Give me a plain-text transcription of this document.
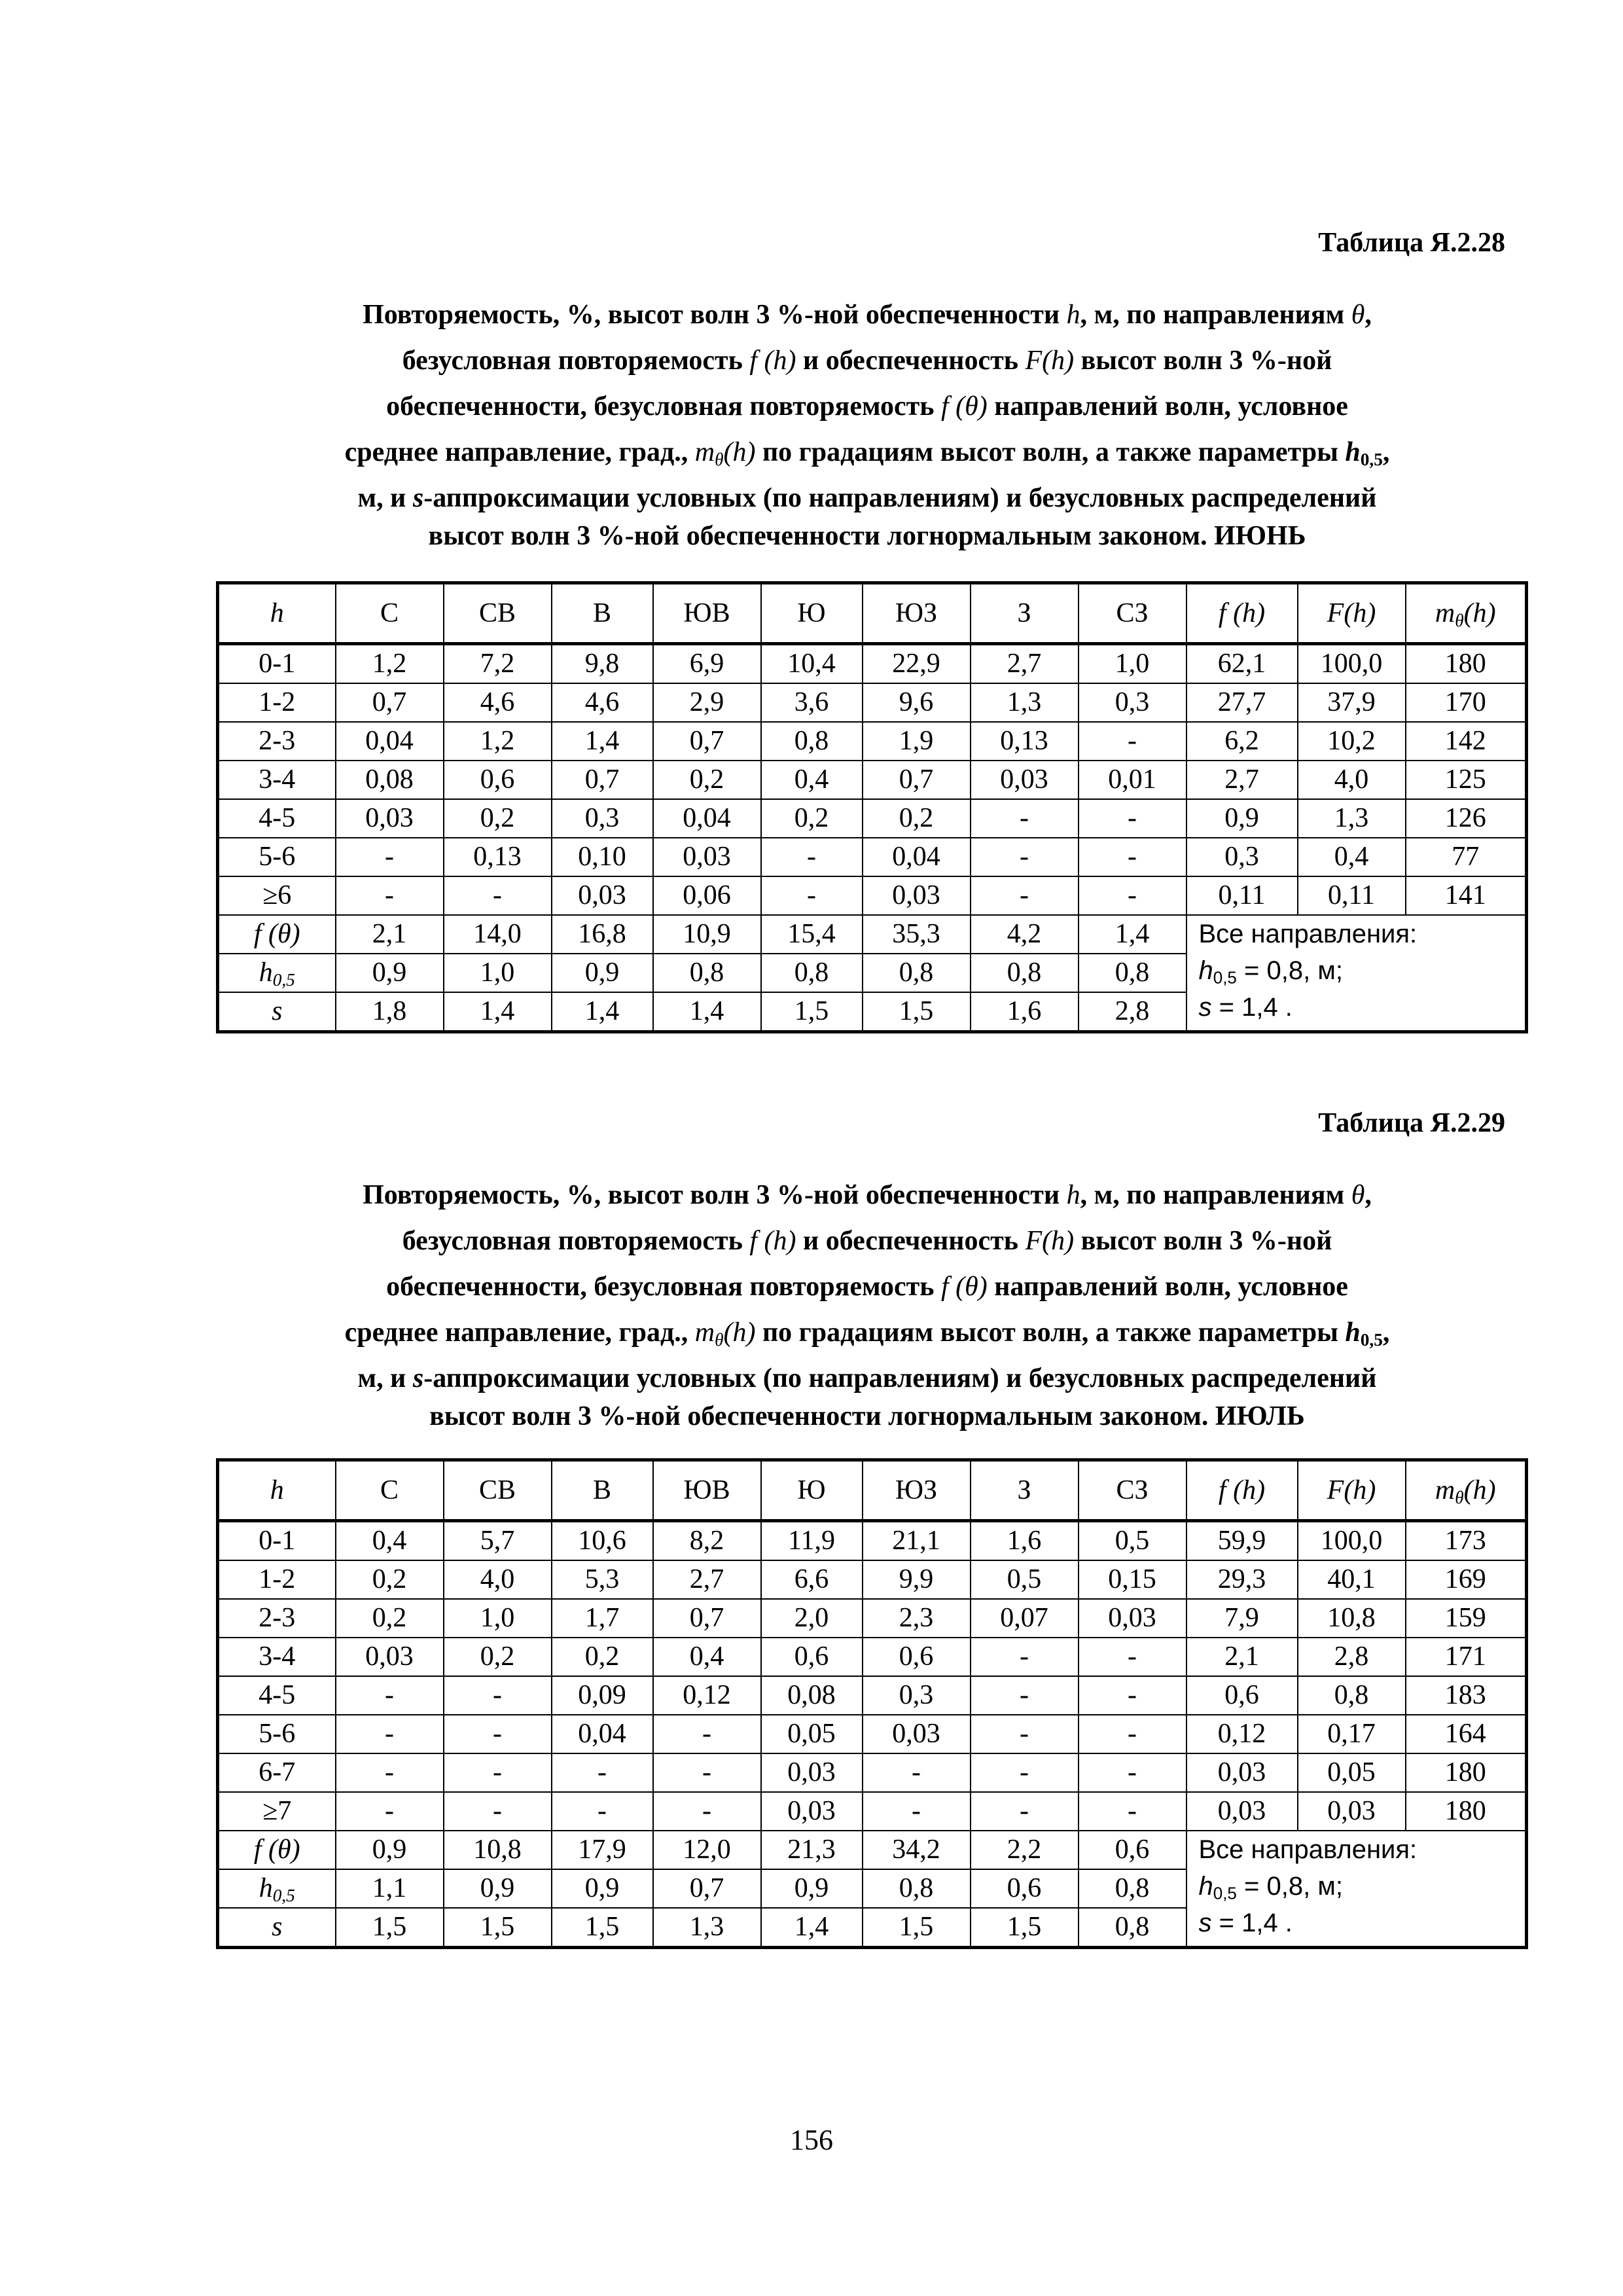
Таблица Я.2.28
Повторяемость, %, высот волн 3 %-ной обеспеченности h, м, по направлениям θ,
безусловная повторяемость f (h) и обеспеченность F(h) высот волн 3 %-ной
обеспеченности, безусловная повторяемость f (θ) направлений волн, условное
среднее направление, град., $m_\theta(h)$ по градациям высот волн, а также параметры $h_{0,5}$,
м, и s-аппроксимации условных (по направлениям) и безусловных распределений
высот волн 3 %-ной обеспеченности логнормальным законом. ИЮНЬ
h	С	СВ	В	ЮВ	Ю	ЮЗ	З	СЗ	f (h)	F(h)	$m_\theta(h)$
0-1	1,2	7,2	9,8	6,9	10,4	22,9	2,7	1,0	62,1	100,0	180
1-2	0,7	4,6	4,6	2,9	3,6	9,6	1,3	0,3	27,7	37,9	170
2-3	0,04	1,2	1,4	0,7	0,8	1,9	0,13	-	6,2	10,2	142
3-4	0,08	0,6	0,7	0,2	0,4	0,7	0,03	0,01	2,7	4,0	125
4-5	0,03	0,2	0,3	0,04	0,2	0,2	-	-	0,9	1,3	126
5-6	-	0,13	0,10	0,03	-	0,04	-	-	0,3	0,4	77
≥6	-	-	0,03	0,06	-	0,03	-	-	0,11	0,11	141
f (θ)	2,1	14,0	16,8	10,9	15,4	35,3	4,2	1,4	Все направления:
$h_{0,5} = 0,8$, м;
s = 1,4 .		

$h_{0,5}$	0,9	1,0	0,9	0,8	0,8	0,8	0,8	0,8			
s	1,8	1,4	1,4	1,4	1,5	1,5	1,6	2,8			
Таблица Я.2.29
Повторяемость, %, высот волн 3 %-ной обеспеченности h, м, по направлениям θ,
безусловная повторяемость f (h) и обеспеченность F(h) высот волн 3 %-ной
обеспеченности, безусловная повторяемость f (θ) направлений волн, условное
среднее направление, град., $m_\theta(h)$ по градациям высот волн, а также параметры $h_{0,5}$,
м, и s-аппроксимации условных (по направлениям) и безусловных распределений
высот волн 3 %-ной обеспеченности логнормальным законом. ИЮЛЬ
h	С	СВ	В	ЮВ	Ю	ЮЗ	З	СЗ	f (h)	F(h)	$m_\theta(h)$
0-1	0,4	5,7	10,6	8,2	11,9	21,1	1,6	0,5	59,9	100,0	173
1-2	0,2	4,0	5,3	2,7	6,6	9,9	0,5	0,15	29,3	40,1	169
2-3	0,2	1,0	1,7	0,7	2,0	2,3	0,07	0,03	7,9	10,8	159
3-4	0,03	0,2	0,2	0,4	0,6	0,6	-	-	2,1	2,8	171
4-5	-	-	0,09	0,12	0,08	0,3	-	-	0,6	0,8	183
5-6	-	-	0,04	-	0,05	0,03	-	-	0,12	0,17	164
6-7	-	-	-	-	0,03	-	-	-	0,03	0,05	180
≥7	-	-	-	-	0,03	-	-	-	0,03	0,03	180
f (θ)	0,9	10,8	17,9	12,0	21,3	34,2	2,2	0,6	Все направления:
$h_{0,5} = 0,8$, м;
s = 1,4 .		

$h_{0,5}$	1,1	0,9	0,9	0,7	0,9	0,8	0,6	0,8			
s	1,5	1,5	1,5	1,3	1,4	1,5	1,5	0,8			
156
